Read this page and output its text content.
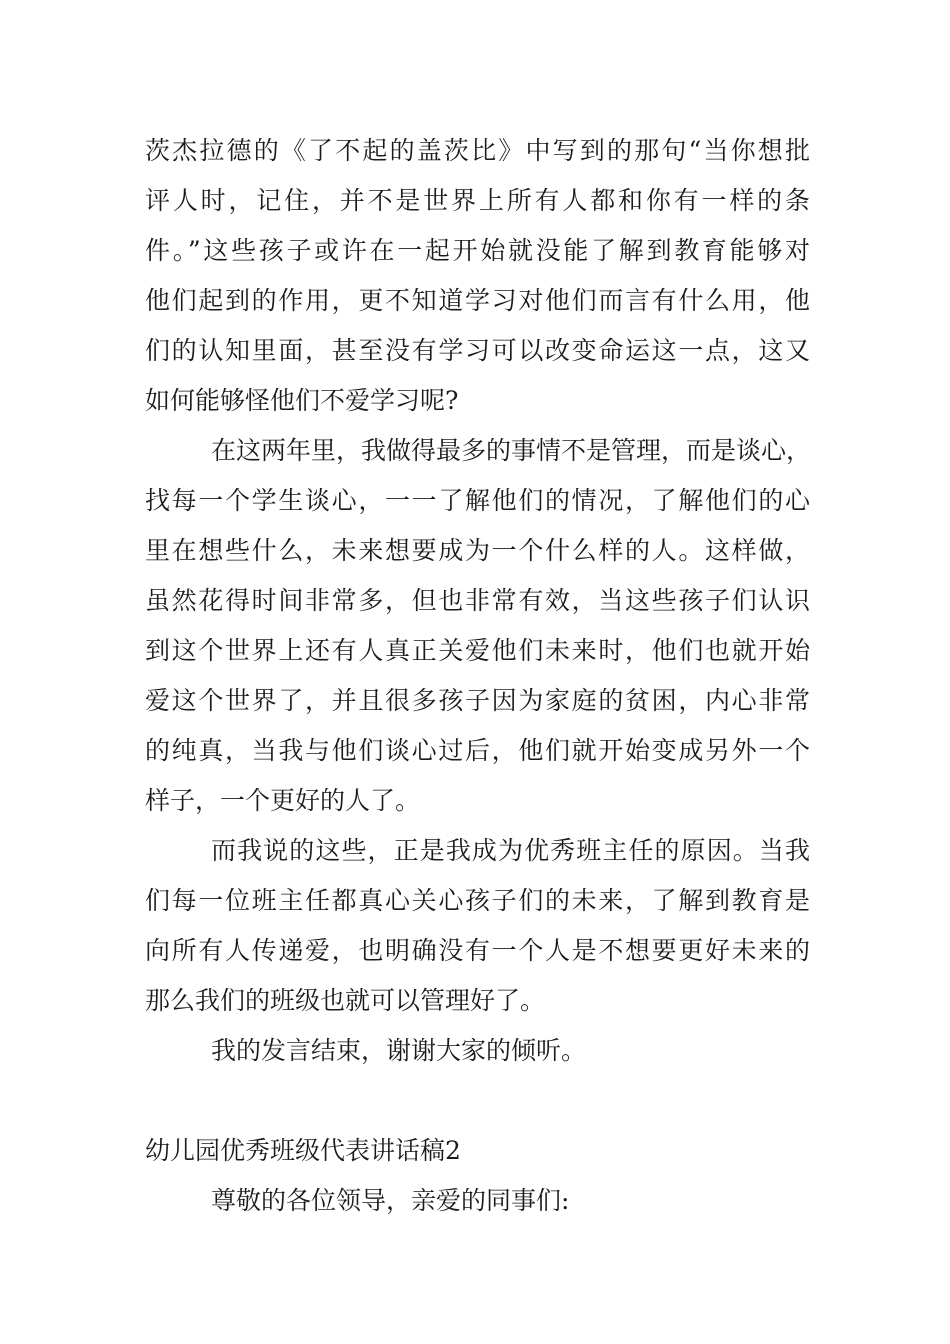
茨杰拉德的《了不起的盖茨比》中写到的那句“当你想批
评人时，记住，并不是世界上所有人都和你有一样的条
件。”这些孩子或许在一起开始就没能了解到教育能够对
他们起到的作用，更不知道学习对他们而言有什么用，他
们的认知里面，甚至没有学习可以改变命运这一点，这又
如何能够怪他们不爱学习呢?
在这两年里，我做得最多的事情不是管理，而是谈心，
找每一个学生谈心，一一了解他们的情况，了解他们的心
里在想些什么，未来想要成为一个什么样的人。这样做，
虽然花得时间非常多，但也非常有效，当这些孩子们认识
到这个世界上还有人真正关爱他们未来时，他们也就开始
爱这个世界了，并且很多孩子因为家庭的贫困，内心非常
的纯真，当我与他们谈心过后，他们就开始变成另外一个
样子，一个更好的人了。
而我说的这些，正是我成为优秀班主任的原因。当我
们每一位班主任都真心关心孩子们的未来，了解到教育是
向所有人传递爱，也明确没有一个人是不想要更好未来的
那么我们的班级也就可以管理好了。
我的发言结束，谢谢大家的倾听。
幼儿园优秀班级代表讲话稿2
尊敬的各位领导，亲爱的同事们:
